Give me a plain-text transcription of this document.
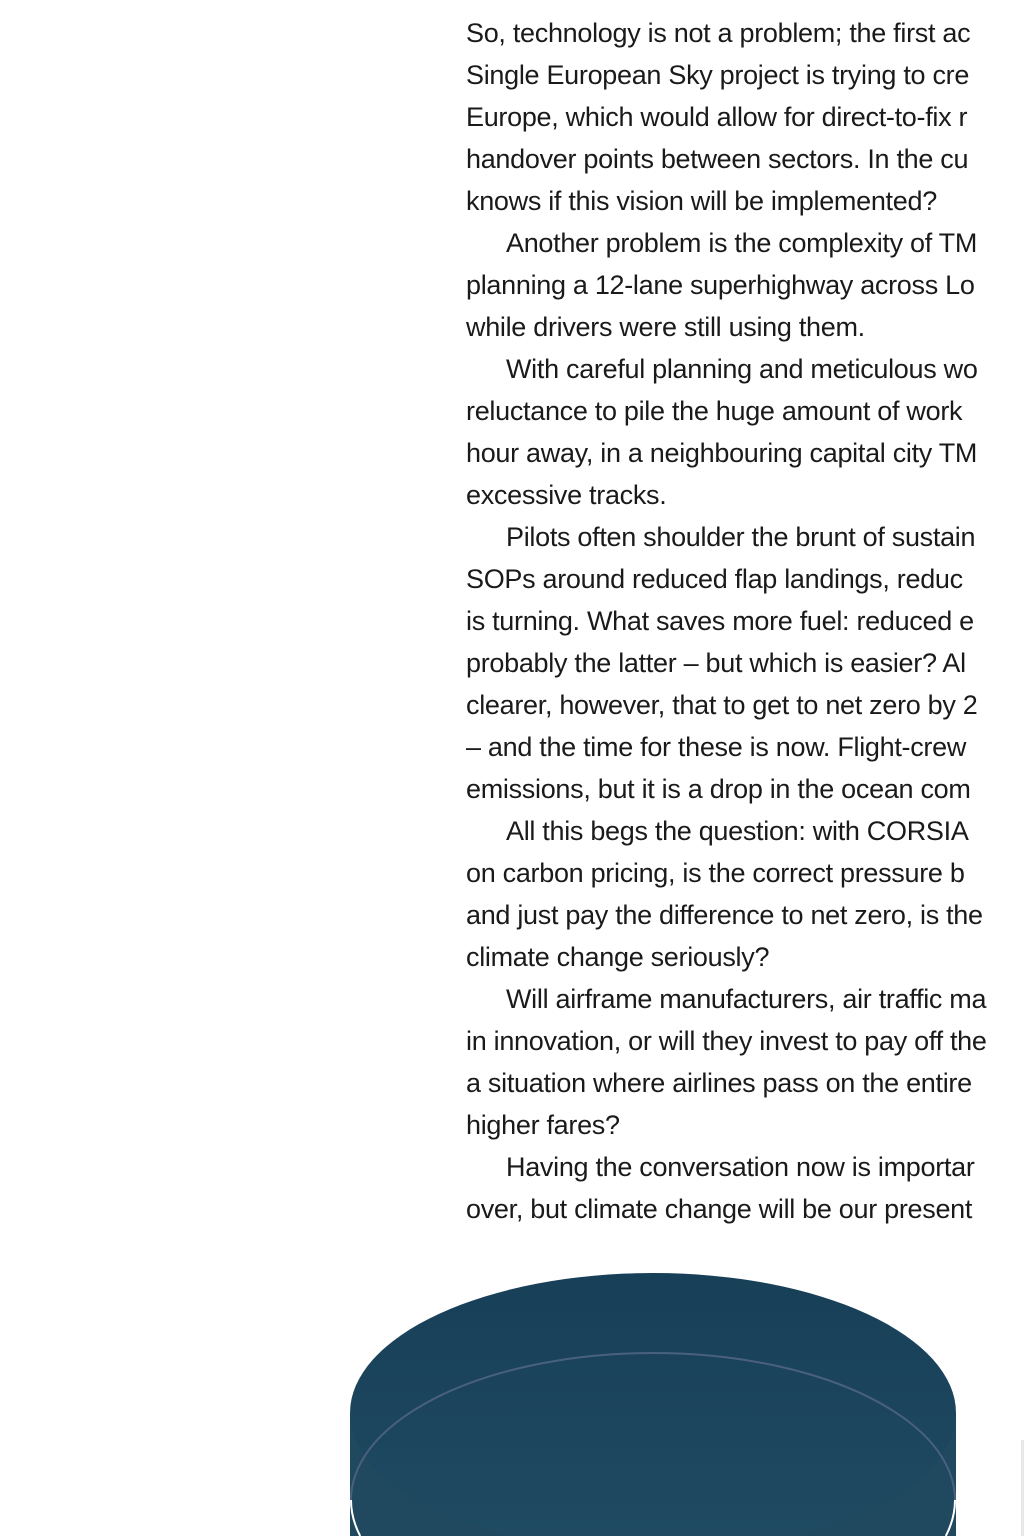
So, technology is not a problem; the first ac
Single European Sky project is trying to cre
Europe, which would allow for direct-to-fix r
handover points between sectors. In the cu
knows if this vision will be implemented?
Another problem is the complexity of TM
planning a 12-lane superhighway across Lo
while drivers were still using them.
With careful planning and meticulous wo
reluctance to pile the huge amount of work
hour away, in a neighbouring capital city TM
excessive tracks.
Pilots often shoulder the brunt of sustain
SOPs around reduced flap landings, reduc
is turning. What saves more fuel: reduced e
probably the latter – but which is easier? Al
clearer, however, that to get to net zero by 2
– and the time for these is now. Flight-crew
emissions, but it is a drop in the ocean com
All this begs the question: with CORSIA
on carbon pricing, is the correct pressure b
and just pay the difference to net zero, is the
climate change seriously?
Will airframe manufacturers, air traffic ma
in innovation, or will they invest to pay off the
a situation where airlines pass on the entire
higher fares?
Having the conversation now is importar
over, but climate change will be our present
